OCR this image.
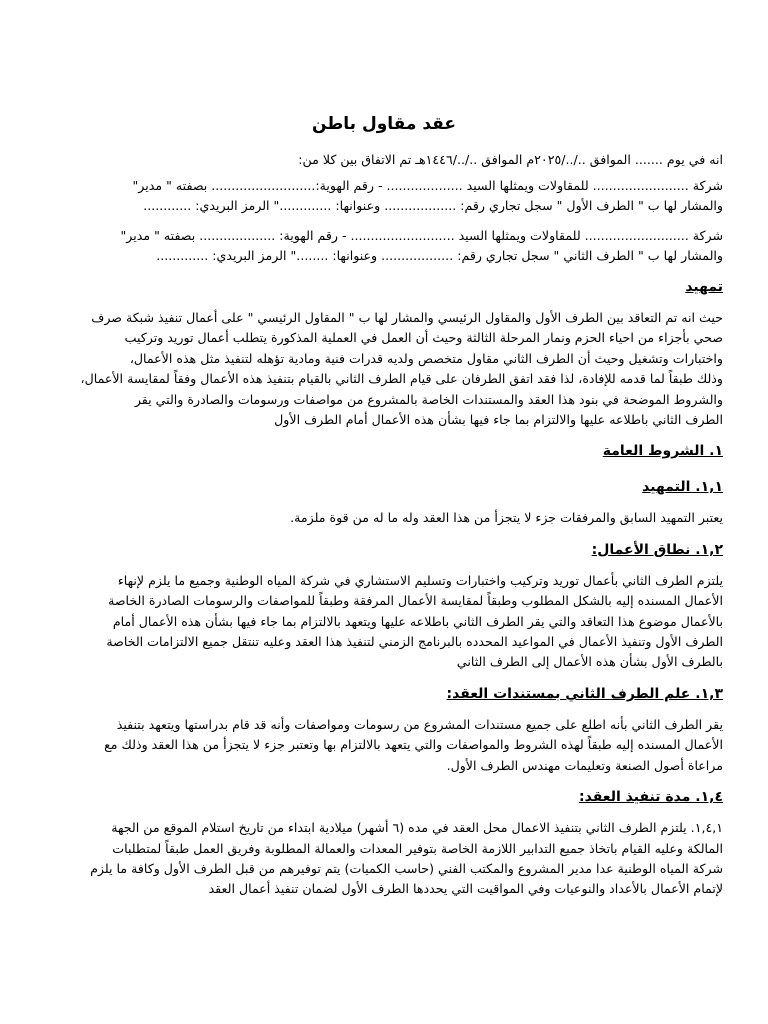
عقد مقاول باطن
انه في يوم ....... الموافق ../../٢٠٢٥م الموافق ../../١٤٤٦هـ تم الاتفاق بين كلا من:
شركة ........................ للمقاولات ويمثلها السيد ................... - رقم الهوية:.......................... بصفته " مدير"
والمشار لها ب " الطرف الأول " سجل تجاري رقم: .................. وعنوانها: ............." الرمز البريدي: ............
شركة .......................... للمقاولات ويمثلها السيد .......................... - رقم الهوية: ................... بصفته " مدير"
والمشار لها ب " الطرف الثاني " سجل تجاري رقم: .................. وعنوانها: ........" الرمز البريدي: .............
تمهيد
حيث انه تم التعاقد بين الطرف الأول والمقاول الرئيسي والمشار لها ب " المقاول الرئيسي " على أعمال تنفيذ شبكة صرف
صحي بأجزاء من احياء الحزم ونمار المرحلة الثالثة وحيث أن العمل في العملية المذكورة يتطلب أعمال توريد وتركيب
واختبارات وتشغيل وحيث أن الطرف الثاني مقاول متخصص ولديه قدرات فنية ومادية تؤهله لتنفيذ مثل هذه الأعمال،
وذلك طبقاً لما قدمه للإفادة، لذا فقد اتفق الطرفان على قيام الطرف الثاني بالقيام بتنفيذ هذه الأعمال وفقاً لمقايسة الأعمال،
والشروط الموضحة في بنود هذا العقد والمستندات الخاصة بالمشروع من مواصفات ورسومات والصادرة والتي يقر
الطرف الثاني باطلاعه عليها والالتزام بما جاء فيها بشأن هذه الأعمال أمام الطرف الأول
١. الشروط العامة
١,١. التمهيد
يعتبر التمهيد السابق والمرفقات جزء لا يتجزأ من هذا العقد وله ما له من قوة ملزمة.
١,٢. نطاق الأعمال:
يلتزم الطرف الثاني بأعمال توريد وتركيب واختبارات وتسليم الاستشاري في شركة المياه الوطنية وجميع ما يلزم لإنهاء
الأعمال المسنده إليه بالشكل المطلوب وطبقاً لمقايسة الأعمال المرفقة وطبقاً للمواصفات والرسومات الصادرة الخاصة
بالأعمال موضوع هذا التعاقد والتي يقر الطرف الثاني باطلاعه عليها ويتعهد بالالتزام بما جاء فيها بشأن هذه الأعمال أمام
الطرف الأول وتنفيذ الأعمال في المواعيد المحدده بالبرنامج الزمني لتنفيذ هذا العقد وعليه تنتقل جميع الالتزامات الخاصة
بالطرف الأول بشأن هذه الأعمال إلى الطرف الثاني
١,٣. علم الطرف الثاني بمستندات العقد:
يقر الطرف الثاني بأنه اطلع على جميع مستندات المشروع من رسومات ومواصفات وأنه قد قام بدراستها ويتعهد بتنفيذ
الأعمال المسنده إليه طبقاً لهذه الشروط والمواصفات والتي يتعهد بالالتزام بها وتعتبر جزء لا يتجزأ من هذا العقد وذلك مع
مراعاة أصول الصنعة وتعليمات مهندس الطرف الأول.
١,٤. مدة تنفيذ العقد:
١,٤,١. يلتزم الطرف الثاني بتنفيذ الاعمال محل العقد في مده (٦ أشهر) ميلادية ابتداء من تاريخ استلام الموقع من الجهة
المالكة وعليه القيام باتخاذ جميع التدابير اللازمة الخاصة بتوفير المعدات والعمالة المطلوبة وفريق العمل طبقاً لمتطلبات
شركة المياه الوطنية عدا مدير المشروع والمكتب الفني (حاسب الكميات) يتم توفيرهم من قبل الطرف الأول وكافة ما يلزم
لإتمام الأعمال بالأعداد والنوعيات وفي المواقيت التي يحددها الطرف الأول لضمان تنفيذ أعمال العقد
